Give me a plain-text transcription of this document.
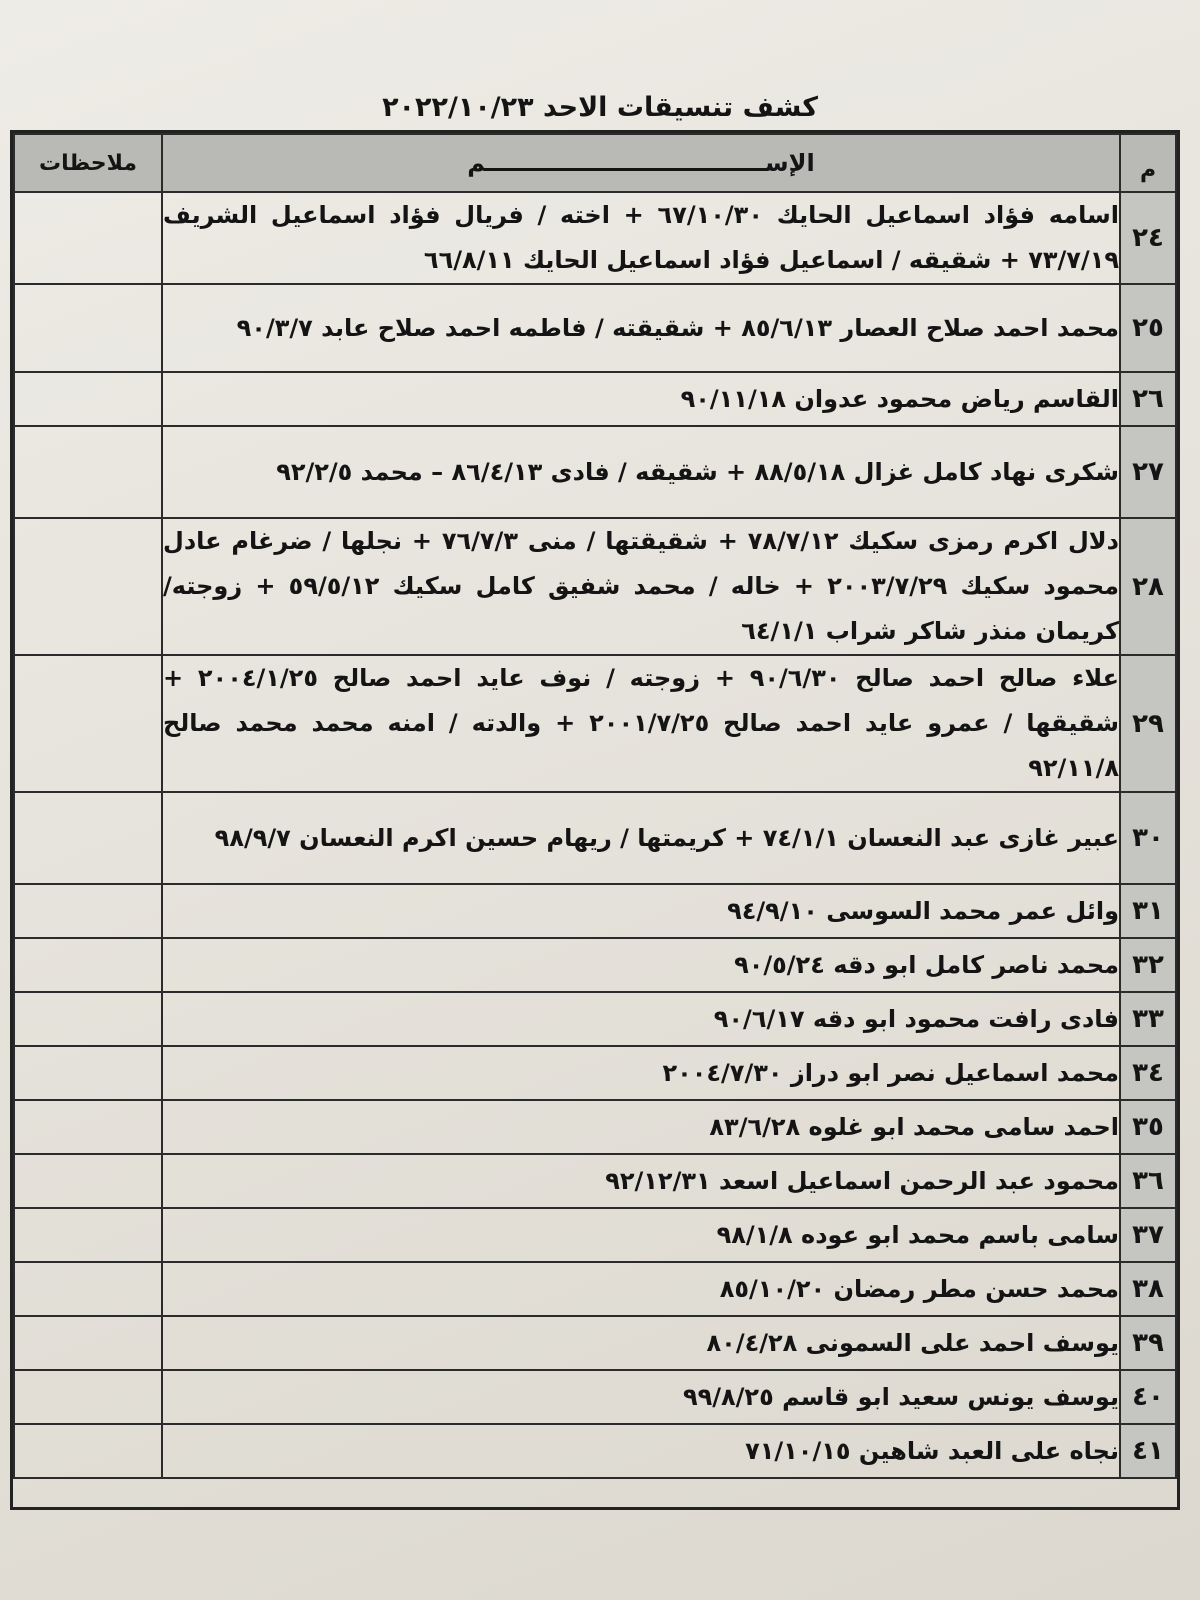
كشف تنسيقات الاحد ٢٠٢٢/١٠/٢٣
م	الإســــــــــــــــــــــــــــــــــم	ملاحظات
٢٤	اسامه فؤاد اسماعيل الحايك ٦٧/١٠/٣٠ + اخته / فريال فؤاد اسماعيل الشريف ٧٣/٧/١٩ + شقيقه / اسماعيل فؤاد اسماعيل الحايك ٦٦/٨/١١	
٢٥	محمد احمد صلاح العصار ٨٥/٦/١٣ + شقيقته / فاطمه احمد صلاح عابد ٩٠/٣/٧	
٢٦	القاسم رياض محمود عدوان ٩٠/١١/١٨	
٢٧	شكرى نهاد كامل غزال ٨٨/٥/١٨ + شقيقه / فادى ٨٦/٤/١٣ – محمد ٩٢/٢/٥	
٢٨	دلال اكرم رمزى سكيك ٧٨/٧/١٢ + شقيقتها / منى ٧٦/٧/٣ + نجلها / ضرغام عادل محمود سكيك ٢٠٠٣/٧/٢٩ + خاله / محمد شفيق كامل سكيك ٥٩/٥/١٢ + زوجته/ كريمان منذر شاكر شراب ٦٤/١/١	
٢٩	علاء صالح احمد صالح ٩٠/٦/٣٠ + زوجته / نوف عايد احمد صالح ٢٠٠٤/١/٢٥ + شقيقها / عمرو عايد احمد صالح ٢٠٠١/٧/٢٥ + والدته / امنه محمد محمد صالح ٩٢/١١/٨	
٣٠	عبير غازى عبد النعسان ٧٤/١/١ + كريمتها / ريهام حسين اكرم النعسان ٩٨/٩/٧	
٣١	وائل عمر محمد السوسى ٩٤/٩/١٠	
٣٢	محمد ناصر كامل ابو دقه ٩٠/٥/٢٤	
٣٣	فادى رافت محمود ابو دقه ٩٠/٦/١٧	
٣٤	محمد اسماعيل نصر ابو دراز ٢٠٠٤/٧/٣٠	
٣٥	احمد سامى محمد ابو غلوه ٨٣/٦/٢٨	
٣٦	محمود عبد الرحمن اسماعيل اسعد ٩٢/١٢/٣١	
٣٧	سامى باسم محمد ابو عوده ٩٨/١/٨	
٣٨	محمد حسن مطر رمضان ٨٥/١٠/٢٠	
٣٩	يوسف احمد على السمونى ٨٠/٤/٢٨	
٤٠	يوسف يونس سعيد ابو قاسم ٩٩/٨/٢٥	
٤١	نجاه على العبد شاهين ٧١/١٠/١٥	
